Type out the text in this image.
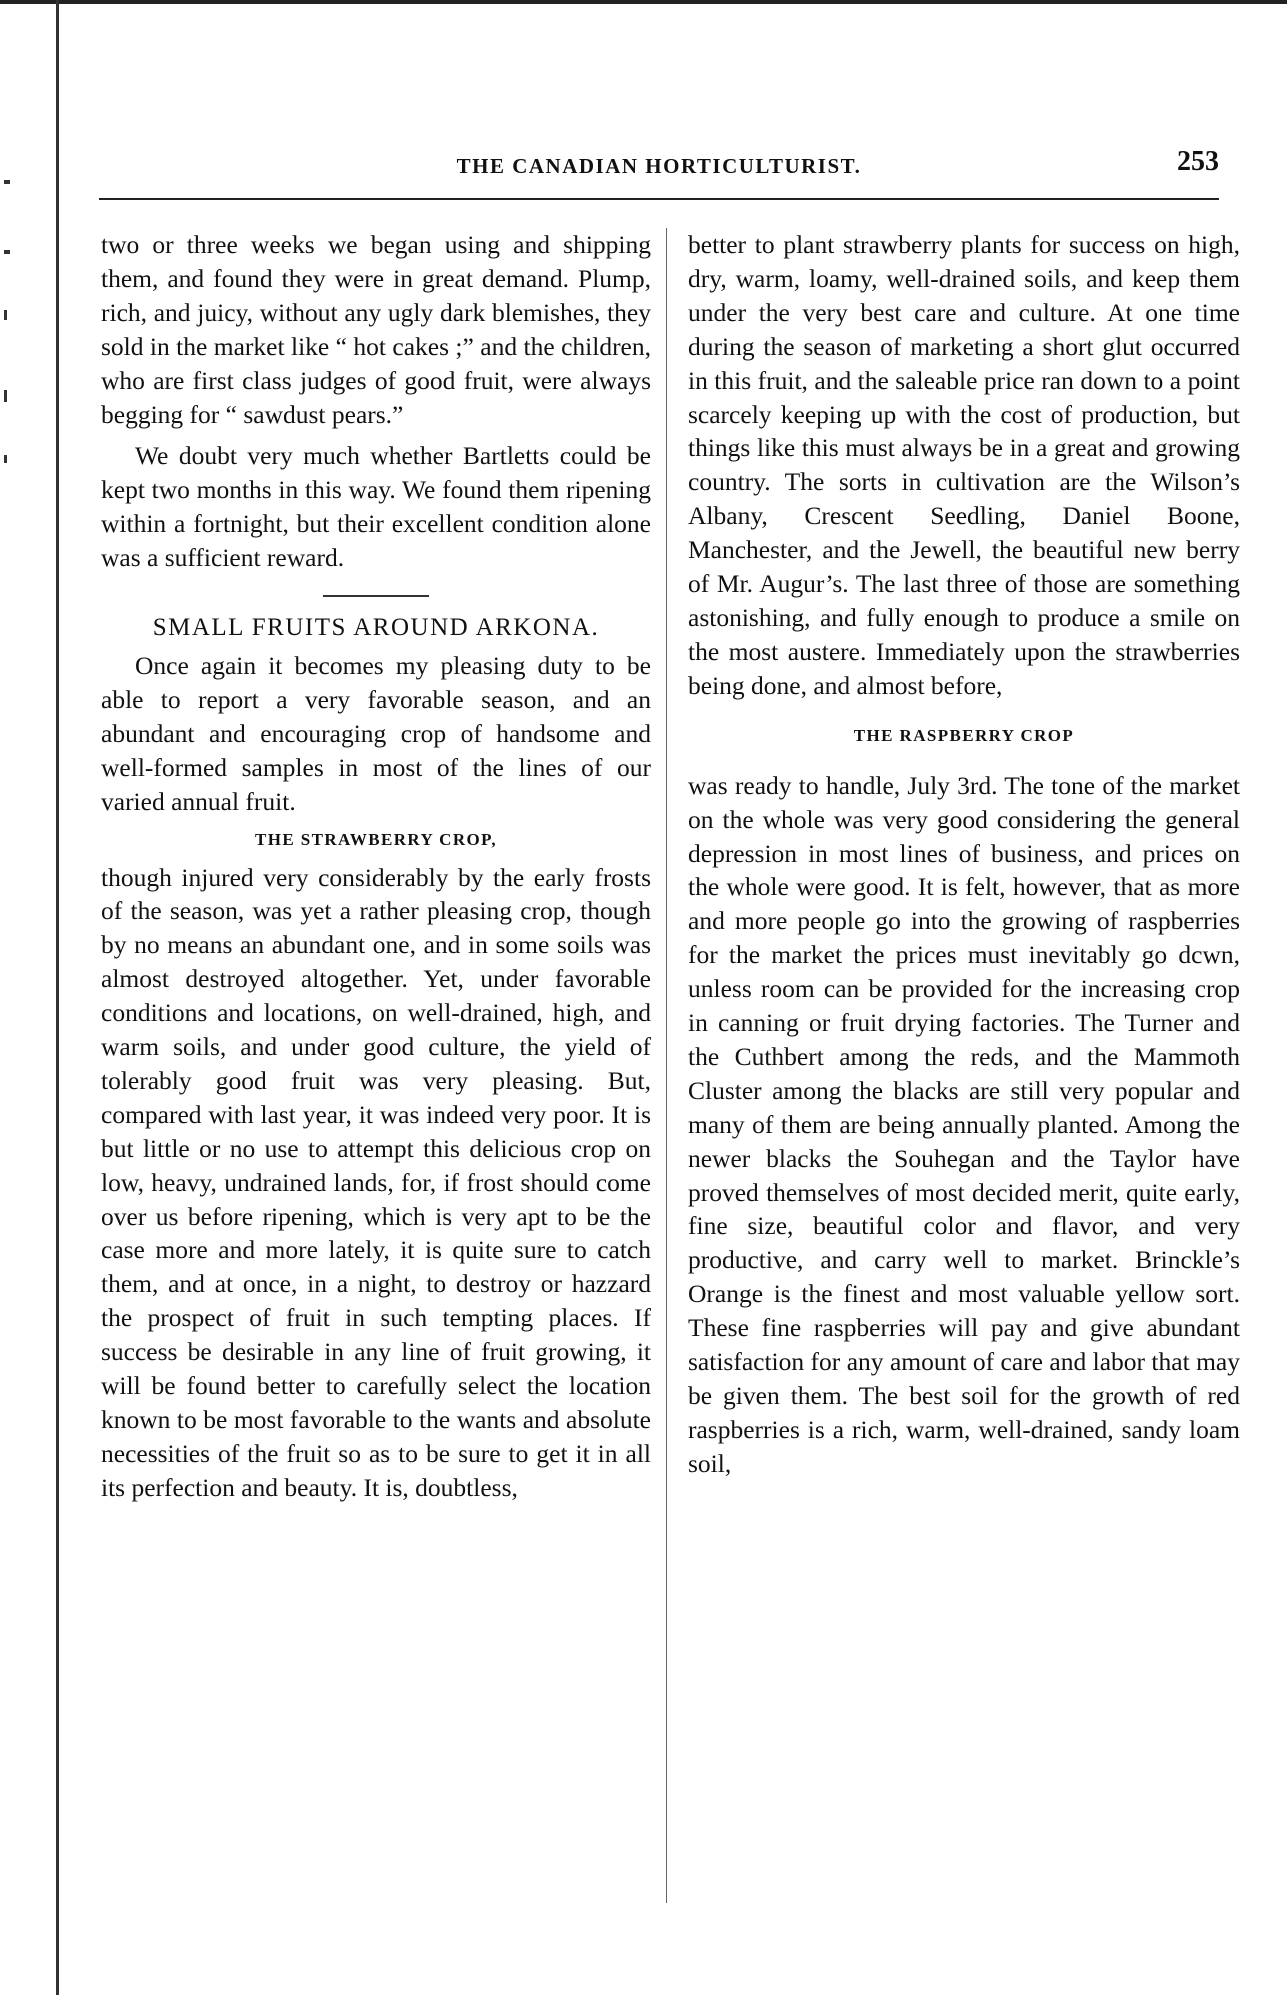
THE CANADIAN HORTICULTURIST.	253

two or three weeks we began using and shipping them, and found they were in great demand. Plump, rich, and juicy, without any ugly dark blemishes, they sold in the market like “ hot cakes ;” and the children, who are first class judges of good fruit, were always begging for “ sawdust pears.”

We doubt very much whether Bartletts could be kept two months in this way. We found them ripening within a fortnight, but their excellent condition alone was a sufficient reward.

SMALL FRUITS AROUND ARKONA.

Once again it becomes my pleasing duty to be able to report a very favorable season, and an abundant and encouraging crop of handsome and well-formed samples in most of the lines of our varied annual fruit.

THE STRAWBERRY CROP,

though injured very considerably by the early frosts of the season, was yet a rather pleasing crop, though by no means an abundant one, and in some soils was almost destroyed altogether. Yet, under favorable conditions and locations, on well-drained, high, and warm soils, and under good culture, the yield of tolerably good fruit was very pleasing. But, compared with last year, it was indeed very poor. It is but little or no use to attempt this delicious crop on low, heavy, undrained lands, for, if frost should come over us before ripening, which is very apt to be the case more and more lately, it is quite sure to catch them, and at once, in a night, to destroy or hazzard the prospect of fruit in such tempting places. If success be desirable in any line of fruit growing, it will be found better to carefully select the location known to be most favorable to the wants and absolute necessities of the fruit so as to be sure to get it in all its perfection and beauty. It is, doubtless,

better to plant strawberry plants for success on high, dry, warm, loamy, well-drained soils, and keep them under the very best care and culture. At one time during the season of marketing a short glut occurred in this fruit, and the saleable price ran down to a point scarcely keeping up with the cost of production, but things like this must always be in a great and growing country. The sorts in cultivation are the Wilson’s Albany, Crescent Seedling, Daniel Boone, Manchester, and the Jewell, the beautiful new berry of Mr. Augur’s. The last three of those are something astonishing, and fully enough to produce a smile on the most austere. Immediately upon the strawberries being done, and almost before,

THE RASPBERRY CROP

was ready to handle, July 3rd. The tone of the market on the whole was very good considering the general depression in most lines of business, and prices on the whole were good. It is felt, however, that as more and more people go into the growing of raspberries for the market the prices must inevitably go dcwn, unless room can be provided for the increasing crop in canning or fruit drying factories. The Turner and the Cuthbert among the reds, and the Mammoth Cluster among the blacks are still very popular and many of them are being annually planted. Among the newer blacks the Souhegan and the Taylor have proved themselves of most decided merit, quite early, fine size, beautiful color and flavor, and very productive, and carry well to market. Brinckle’s Orange is the finest and most valuable yellow sort. These fine raspberries will pay and give abundant satisfaction for any amount of care and labor that may be given them. The best soil for the growth of red raspberries is a rich, warm, well-drained, sandy loam soil,
